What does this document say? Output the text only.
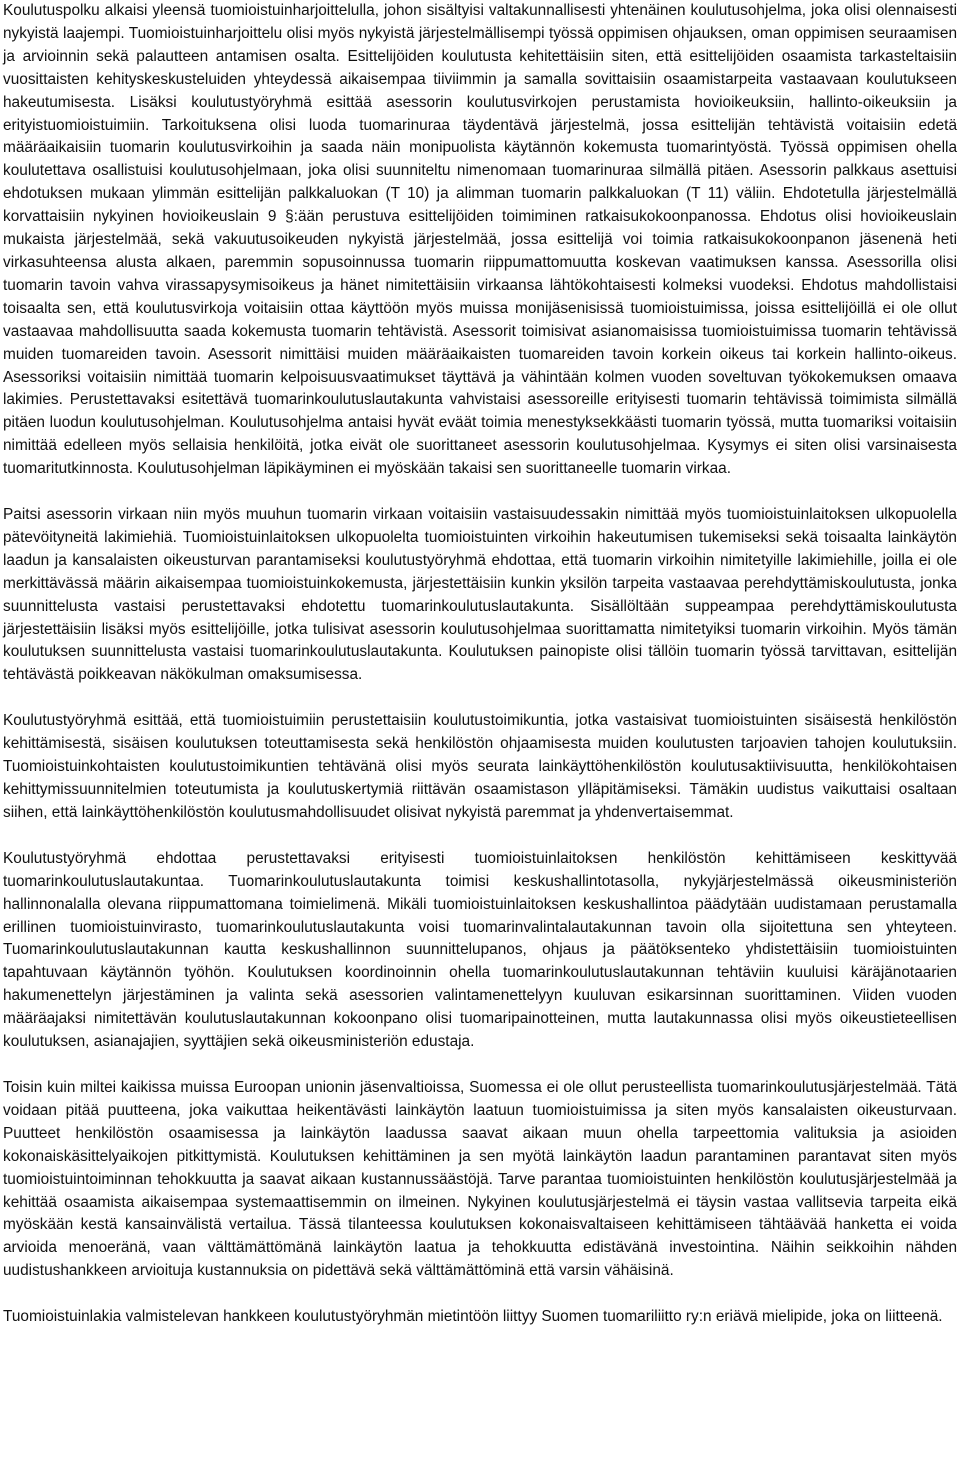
Koulutuspolku alkaisi yleensä tuomioistuinharjoittelulla, johon sisältyisi valtakunnallisesti yhtenäinen koulutusohjelma, joka olisi olennaisesti nykyistä laajempi. Tuomioistuinharjoittelu olisi myös nykyistä järjestelmällisempi työssä oppimisen ohjauksen, oman oppimisen seuraamisen ja arvioinnin sekä palautteen antamisen osalta. Esittelijöiden koulutusta kehitettäisiin siten, että esittelijöiden osaamista tarkasteltaisiin vuosittaisten kehityskeskusteluiden yhteydessä aikaisempaa tiiviimmin ja samalla sovittaisiin osaamistarpeita vastaavaan koulutukseen hakeutumisesta. Lisäksi koulutustyöryhmä esittää asessorin koulutusvirkojen perustamista hovioikeuksiin, hallinto-oikeuksiin ja erityistuomioistuimiin. Tarkoituksena olisi luoda tuomarinuraa täydentävä järjestelmä, jossa esittelijän tehtävistä voitaisiin edetä määräaikaisiin tuomarin koulutusvirkoihin ja saada näin monipuolista käytännön kokemusta tuomarintyöstä. Työssä oppimisen ohella koulutettava osallistuisi koulutusohjelmaan, joka olisi suunniteltu nimenomaan tuomarinuraa silmällä pitäen. Asessorin palkkaus asettuisi ehdotuksen mukaan ylimmän esittelijän palkkaluokan (T 10) ja alimman tuomarin palkkaluokan (T 11) väliin. Ehdotetulla järjestelmällä korvattaisiin nykyinen hovioikeuslain 9 §:ään perustuva esittelijöiden toimiminen ratkaisukokoonpanossa. Ehdotus olisi hovioikeuslain mukaista järjestelmää, sekä vakuutusoikeuden nykyistä järjestelmää, jossa esittelijä voi toimia ratkaisukokoonpanon jäsenenä heti virkasuhteensa alusta alkaen, paremmin sopusoinnussa tuomarin riippumattomuutta koskevan vaatimuksen kanssa. Asessorilla olisi tuomarin tavoin vahva virassapysymisoikeus ja hänet nimitettäisiin virkaansa lähtökohtaisesti kolmeksi vuodeksi. Ehdotus mahdollistaisi toisaalta sen, että koulutusvirkoja voitaisiin ottaa käyttöön myös muissa monijäsenisissä tuomioistuimissa, joissa esittelijöillä ei ole ollut vastaavaa mahdollisuutta saada kokemusta tuomarin tehtävistä. Asessorit toimisivat asianomaisissa tuomioistuimissa tuomarin tehtävissä muiden tuomareiden tavoin. Asessorit nimittäisi muiden määräaikaisten tuomareiden tavoin korkein oikeus tai korkein hallinto-oikeus. Asessoriksi voitaisiin nimittää tuomarin kelpoisuusvaatimukset täyttävä ja vähintään kolmen vuoden soveltuvan työkokemuksen omaava lakimies. Perustettavaksi esitettävä tuomarinkoulutuslautakunta vahvistaisi asessoreille erityisesti tuomarin tehtävissä toimimista silmällä pitäen luodun koulutusohjelman. Koulutusohjelma antaisi hyvät eväät toimia menestyksekkäästi tuomarin työssä, mutta tuomariksi voitaisiin nimittää edelleen myös sellaisia henkilöitä, jotka eivät ole suorittaneet asessorin koulutusohjelmaa. Kysymys ei siten olisi varsinaisesta tuomaritutkinnosta. Koulutusohjelman läpikäyminen ei myöskään takaisi sen suorittaneelle tuomarin virkaa.

Paitsi asessorin virkaan niin myös muuhun tuomarin virkaan voitaisiin vastaisuudessakin nimittää myös tuomioistuinlaitoksen ulkopuolella pätevöityneitä lakimiehiä. Tuomioistuinlaitoksen ulkopuolelta tuomioistuinten virkoihin hakeutumisen tukemiseksi sekä toisaalta lainkäytön laadun ja kansalaisten oikeusturvan parantamiseksi koulutustyöryhmä ehdottaa, että tuomarin virkoihin nimitetyille lakimiehille, joilla ei ole merkittävässä määrin aikaisempaa tuomioistuinkokemusta, järjestettäisiin kunkin yksilön tarpeita vastaavaa perehdyttämiskoulutusta, jonka suunnittelusta vastaisi perustettavaksi ehdotettu tuomarinkoulutuslautakunta. Sisällöltään suppeampaa perehdyttämiskoulutusta järjestettäisiin lisäksi myös esittelijöille, jotka tulisivat asessorin koulutusohjelmaa suorittamatta nimitetyiksi tuomarin virkoihin. Myös tämän koulutuksen suunnittelusta vastaisi tuomarinkoulutuslautakunta. Koulutuksen painopiste olisi tällöin tuomarin työssä tarvittavan, esittelijän tehtävästä poikkeavan näkökulman omaksumisessa.

Koulutustyöryhmä esittää, että tuomioistuimiin perustettaisiin koulutustoimikuntia, jotka vastaisivat tuomioistuinten sisäisestä henkilöstön kehittämisestä, sisäisen koulutuksen toteuttamisesta sekä henkilöstön ohjaamisesta muiden koulutusten tarjoavien tahojen koulutuksiin. Tuomioistuinkohtaisten koulutustoimikuntien tehtävänä olisi myös seurata lainkäyttöhenkilöstön koulutusaktiivisuutta, henkilökohtaisen kehittymissuunnitelmien toteutumista ja koulutuskertymiä riittävän osaamistason ylläpitämiseksi. Tämäkin uudistus vaikuttaisi osaltaan siihen, että lainkäyttöhenkilöstön koulutusmahdollisuudet olisivat nykyistä paremmat ja yhdenvertaisemmat.

Koulutustyöryhmä ehdottaa perustettavaksi erityisesti tuomioistuinlaitoksen henkilöstön kehittämiseen keskittyvää tuomarinkoulutuslautakuntaa. Tuomarinkoulutuslautakunta toimisi keskushallintotasolla, nykyjärjestelmässä oikeusministeriön hallinnonalalla olevana riippumattomana toimielimenä. Mikäli tuomioistuinlaitoksen keskushallintoa päädytään uudistamaan perustamalla erillinen tuomioistuinvirasto, tuomarinkoulutuslautakunta voisi tuomarinvalintalautakunnan tavoin olla sijoitettuna sen yhteyteen. Tuomarinkoulutuslautakunnan kautta keskushallinnon suunnittelupanos, ohjaus ja päätöksenteko yhdistettäisiin tuomioistuinten tapahtuvaan käytännön työhön. Koulutuksen koordinoinnin ohella tuomarinkoulutuslautakunnan tehtäviin kuuluisi käräjänotaarien hakumenettelyn järjestäminen ja valinta sekä asessorien valintamenettelyyn kuuluvan esikarsinnan suorittaminen. Viiden vuoden määräajaksi nimitettävän koulutuslautakunnan kokoonpano olisi tuomaripainotteinen, mutta lautakunnassa olisi myös oikeustieteellisen koulutuksen, asianajajien, syyttäjien sekä oikeusministeriön edustaja.

Toisin kuin miltei kaikissa muissa Euroopan unionin jäsenvaltioissa, Suomessa ei ole ollut perusteellista tuomarinkoulutusjärjestelmää. Tätä voidaan pitää puutteena, joka vaikuttaa heikentävästi lainkäytön laatuun tuomioistuimissa ja siten myös kansalaisten oikeusturvaan. Puutteet henkilöstön osaamisessa ja lainkäytön laadussa saavat aikaan muun ohella tarpeettomia valituksia ja asioiden kokonaiskäsittelyaikojen pitkittymistä. Koulutuksen kehittäminen ja sen myötä lainkäytön laadun parantaminen parantavat siten myös tuomioistuintoiminnan tehokkuutta ja saavat aikaan kustannussäästöjä. Tarve parantaa tuomioistuinten henkilöstön koulutusjärjestelmää ja kehittää osaamista aikaisempaa systemaattisemmin on ilmeinen. Nykyinen koulutusjärjestelmä ei täysin vastaa vallitsevia tarpeita eikä myöskään kestä kansainvälistä vertailua. Tässä tilanteessa koulutuksen kokonaisvaltaiseen kehittämiseen tähtäävää hanketta ei voida arvioida menoeränä, vaan välttämättömänä lainkäytön laatua ja tehokkuutta edistävänä investointina. Näihin seikkoihin nähden uudistushankkeen arvioituja kustannuksia on pidettävä sekä välttämättöminä että varsin vähäisinä.

Tuomioistuinlakia valmistelevan hankkeen koulutustyöryhmän mietintöön liittyy Suomen tuomariliitto ry:n eriävä mielipide, joka on liitteenä.
